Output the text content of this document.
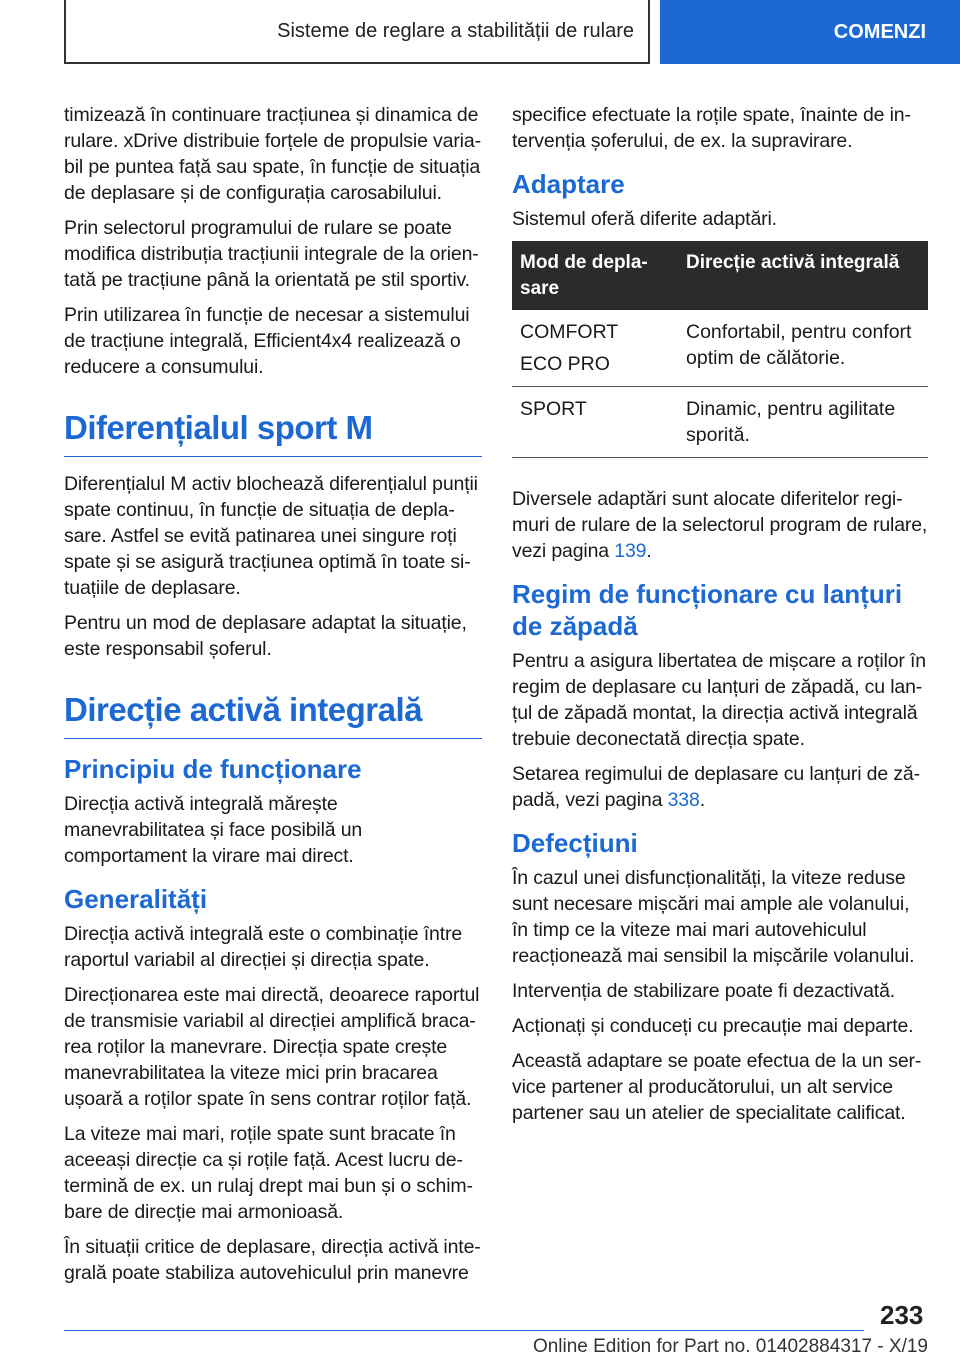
Sisteme de reglare a stabilității de rulare	COMENZI

timizează în continuare tracțiunea și dinamica de rulare. xDrive distribuie forțele de propulsie variabil pe puntea față sau spate, în funcție de situația de deplasare și de configurația carosabilului.

Prin selectorul programului de rulare se poate modifica distribuția tracțiunii integrale de la orientată pe tracțiune până la orientată pe stil sportiv.

Prin utilizarea în funcție de necesar a sistemului de tracțiune integrală, Efficient4x4 realizează o reducere a consumului.

Diferențialul sport M

Diferențialul M activ blochează diferențialul punții spate continuu, în funcție de situația de deplasare. Astfel se evită patinarea unei singure roți spate și se asigură tracțiunea optimă în toate situațiile de deplasare.

Pentru un mod de deplasare adaptat la situație, este responsabil șoferul.

Direcție activă integrală
Principiu de funcționare

Direcția activă integrală mărește manevrabilitatea și face posibilă un comportament la virare mai direct.

Generalități

Direcția activă integrală este o combinație între raportul variabil al direcției și direcția spate.

Direcționarea este mai directă, deoarece raportul de transmisie variabil al direcției amplifică bracarea roților la manevrare. Direcția spate crește manevrabilitatea la viteze mici prin bracarea ușoară a roților spate în sens contrar roților față.

La viteze mai mari, roțile spate sunt bracate în aceeași direcție ca și roțile față. Acest lucru determină de ex. un rulaj drept mai bun și o schimbare de direcție mai armonioasă.

În situații critice de deplasare, direcția activă integrală poate stabiliza autovehiculul prin manevre

specifice efectuate la roțile spate, înainte de intervenția șoferului, de ex. la supravirare.

Adaptare

Sistemul oferă diferite adaptări.

Mod de deplasare	Direcție activă integrală

COMFORT
ECO PRO	Confortabil, pentru confort optim de călătorie.

SPORT	Dinamic, pentru agilitate sporită.

Diversele adaptări sunt alocate diferitelor regimuri de rulare de la selectorul program de rulare, vezi pagina 139.

Regim de funcționare cu lanțuri de zăpadă

Pentru a asigura libertatea de mișcare a roților în regim de deplasare cu lanțuri de zăpadă, cu lanțul de zăpadă montat, la direcția activă integrală trebuie deconectată direcția spate.

Setarea regimului de deplasare cu lanțuri de zăpadă, vezi pagina 338.

Defecțiuni

În cazul unei disfuncționalități, la viteze reduse sunt necesare mișcări mai ample ale volanului, în timp ce la viteze mai mari autovehiculul reacționează mai sensibil la mișcările volanului.

Intervenția de stabilizare poate fi dezactivată.

Acționați și conduceți cu precauție mai departe.

Această adaptare se poate efectua de la un service partener al producătorului, un alt service partener sau un atelier de specialitate calificat.

233
Online Edition for Part no. 01402884317 - X/19
